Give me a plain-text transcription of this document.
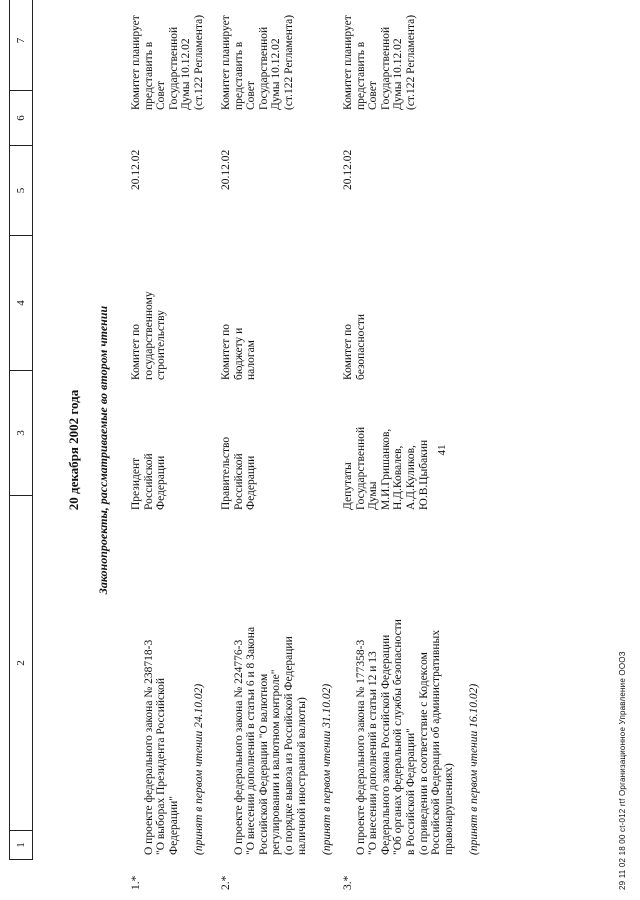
1
2
3
4
5
6
7
20 декабря 2002 года Законопроекты, рассматриваемые во втором чтении
1.*

О проекте федерального закона № 238718-3
"О выборах Президента Российской
Федерации" (принят в первом чтении 24.10.02)

Президент
Российской
Федерации
Комитет по
государственному
строительству
20.12.02
Комитет планирует
представить в Совет
Государственной
Думы 10.12.02
(ст.122 Регламента)
2.*

О проекте федерального закона № 224776-3
"О внесении дополнений в статьи 6 и 8 Закона
Российской Федерации "О валютном
регулировании и валютном контроле"
(о порядке вывоза из Российской Федерации
наличной иностранной валюты) (принят в первом чтении 31.10.02)

Правительство
Российской
Федерации
Комитет по
бюджету и
налогам
20.12.02
Комитет планирует
представить в Совет
Государственной
Думы 10.12.02
(ст.122 Регламента)
3.*

О проекте федерального закона № 177358-3
"О внесении дополнений в статьи 12 и 13
Федерального закона Российской Федерации
"Об органах федеральной службы безопасности
в Российской Федерации"
(о приведении в соответствие с Кодексом
Российской Федерации об административных
правонарушениях) (принят в первом чтении 16.10.02)

Депутаты
Государственной
Думы
М.И.Гришанков,
Н.Д.Ковалев,
А.Д.Куликов,
Ю.В.Цыбакин
Комитет по
безопасности
20.12.02
Комитет планирует
представить в Совет
Государственной
Думы 10.12.02
(ст.122 Регламента)
41
29 11 02 18 00 ct-012 rtf Организационное Управление ОООЗ
